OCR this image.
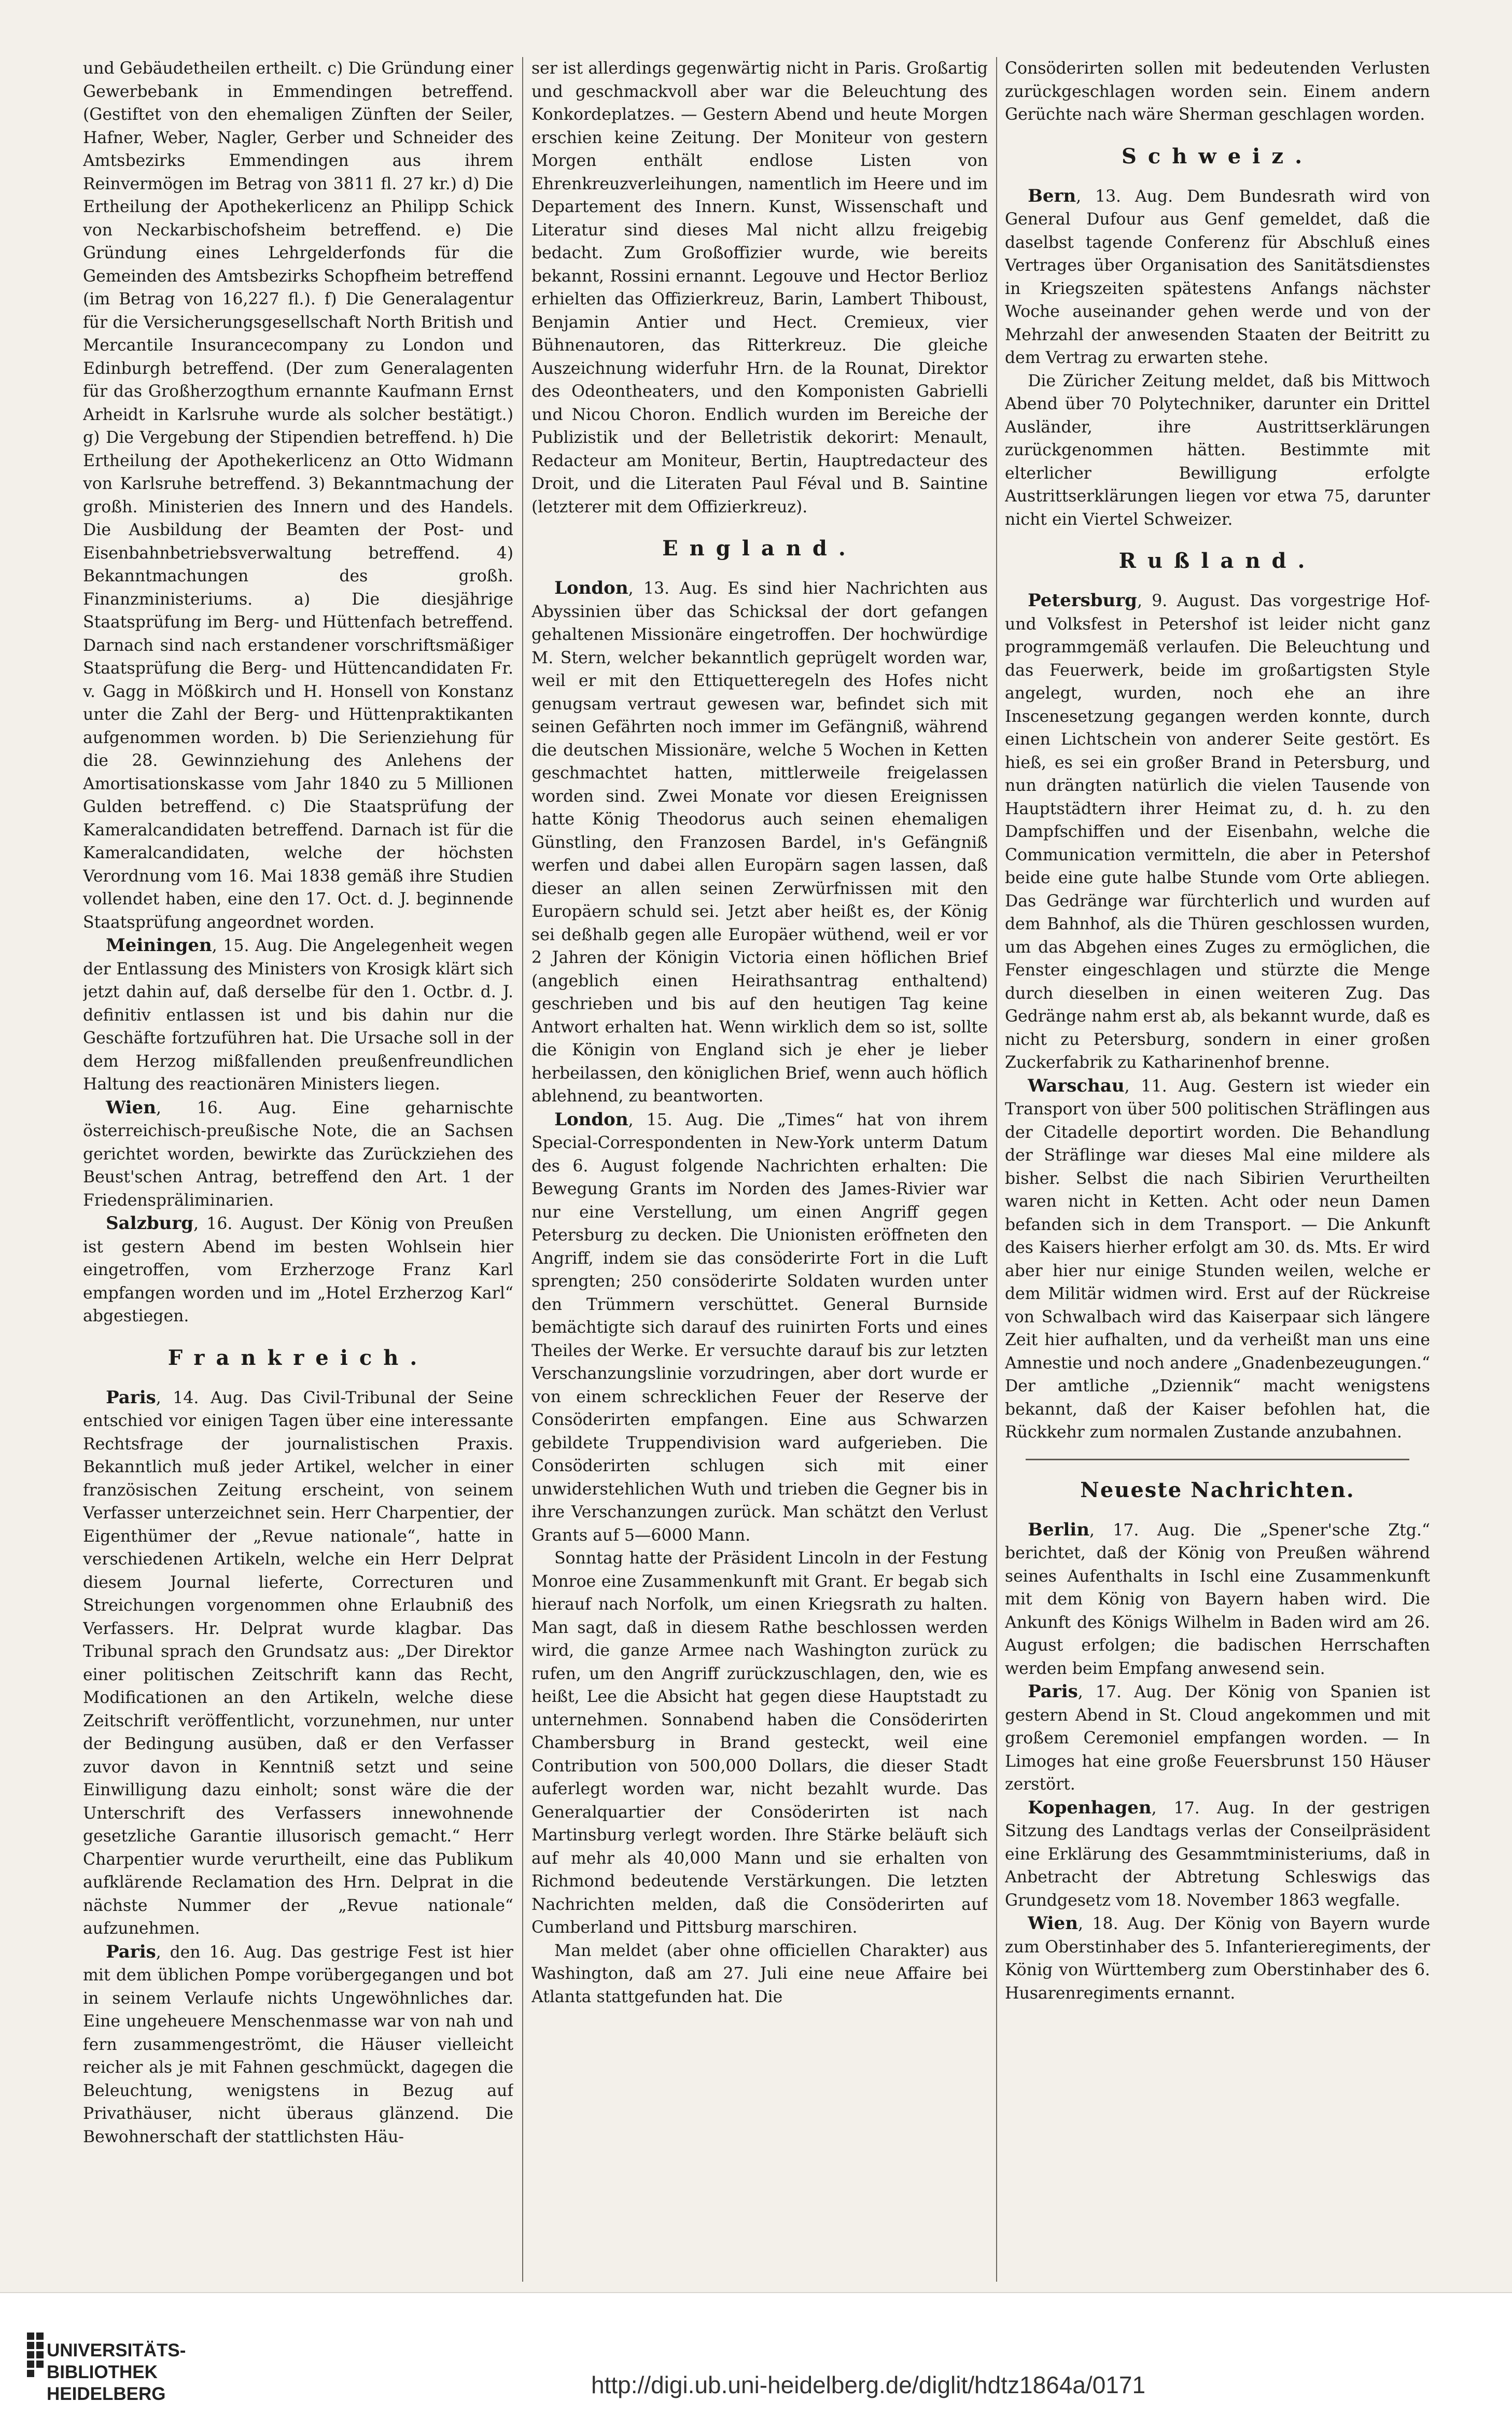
und Gebäudetheilen ertheilt. c) Die Gründung einer Gewerbebank in Emmendingen betreffend. (Gestiftet von den ehemaligen Zünften der Seiler, Hafner, Weber, Nagler, Gerber und Schneider des Amtsbezirks Emmendingen aus ihrem Reinvermögen im Betrag von 3811 fl. 27 kr.) d) Die Ertheilung der Apothekerlicenz an Philipp Schick von Neckarbischofsheim betreffend. e) Die Gründung eines Lehrgelderfonds für die Gemeinden des Amtsbezirks Schopfheim betreffend (im Betrag von 16,227 fl.). f) Die Generalagentur für die Versicherungsgesellschaft North British und Mercantile Insurancecompany zu London und Edinburgh betreffend. (Der zum Generalagenten für das Großherzogthum ernannte Kaufmann Ernst Arheidt in Karlsruhe wurde als solcher bestätigt.) g) Die Vergebung der Stipendien betreffend. h) Die Ertheilung der Apothekerlicenz an Otto Widmann von Karlsruhe betreffend. 3) Bekanntmachung der großh. Ministerien des Innern und des Handels. Die Ausbildung der Beamten der Post- und Eisenbahnbetriebsverwaltung betreffend. 4) Bekanntmachungen des großh. Finanzministeriums. a) Die diesjährige Staatsprüfung im Berg- und Hüttenfach betreffend. Darnach sind nach erstandener vorschriftsmäßiger Staatsprüfung die Berg- und Hüttencandidaten Fr. v. Gagg in Mößkirch und H. Honsell von Konstanz unter die Zahl der Berg- und Hüttenpraktikanten aufgenommen worden. b) Die Serienziehung für die 28. Gewinnziehung des Anlehens der Amortisationskasse vom Jahr 1840 zu 5 Millionen Gulden betreffend. c) Die Staatsprüfung der Kameralcandidaten betreffend. Darnach ist für die Kameralcandidaten, welche der höchsten Verordnung vom 16. Mai 1838 gemäß ihre Studien vollendet haben, eine den 17. Oct. d. J. beginnende Staatsprüfung angeordnet worden.

Meiningen, 15. Aug. Die Angelegenheit wegen der Entlassung des Ministers von Krosigk klärt sich jetzt dahin auf, daß derselbe für den 1. Octbr. d. J. definitiv entlassen ist und bis dahin nur die Geschäfte fortzuführen hat. Die Ursache soll in der dem Herzog mißfallenden preußenfreundlichen Haltung des reactionären Ministers liegen.

Wien, 16. Aug. Eine geharnischte österreichisch-preußische Note, die an Sachsen gerichtet worden, bewirkte das Zurückziehen des Beust'schen Antrag, betreffend den Art. 1 der Friedenspräliminarien.

Salzburg, 16. August. Der König von Preußen ist gestern Abend im besten Wohlsein hier eingetroffen, vom Erzherzoge Franz Karl empfangen worden und im „Hotel Erzherzog Karl“ abgestiegen.

Frankreich.

Paris, 14. Aug. Das Civil-Tribunal der Seine entschied vor einigen Tagen über eine interessante Rechtsfrage der journalistischen Praxis. Bekanntlich muß jeder Artikel, welcher in einer französischen Zeitung erscheint, von seinem Verfasser unterzeichnet sein. Herr Charpentier, der Eigenthümer der „Revue nationale“, hatte in verschiedenen Artikeln, welche ein Herr Delprat diesem Journal lieferte, Correcturen und Streichungen vorgenommen ohne Erlaubniß des Verfassers. Hr. Delprat wurde klagbar. Das Tribunal sprach den Grundsatz aus: „Der Direktor einer politischen Zeitschrift kann das Recht, Modificationen an den Artikeln, welche diese Zeitschrift veröffentlicht, vorzunehmen, nur unter der Bedingung ausüben, daß er den Verfasser zuvor davon in Kenntniß setzt und seine Einwilligung dazu einholt; sonst wäre die der Unterschrift des Verfassers innewohnende gesetzliche Garantie illusorisch gemacht.“ Herr Charpentier wurde verurtheilt, eine das Publikum aufklärende Reclamation des Hrn. Delprat in die nächste Nummer der „Revue nationale“ aufzunehmen.

Paris, den 16. Aug. Das gestrige Fest ist hier mit dem üblichen Pompe vorübergegangen und bot in seinem Verlaufe nichts Ungewöhnliches dar. Eine ungeheuere Menschenmasse war von nah und fern zusammengeströmt, die Häuser vielleicht reicher als je mit Fahnen geschmückt, dagegen die Beleuchtung, wenigstens in Bezug auf Privathäuser, nicht überaus glänzend. Die Bewohnerschaft der stattlichsten Häu-

ser ist allerdings gegenwärtig nicht in Paris. Großartig und geschmackvoll aber war die Beleuchtung des Konkordeplatzes. — Gestern Abend und heute Morgen erschien keine Zeitung. Der Moniteur von gestern Morgen enthält endlose Listen von Ehrenkreuzverleihungen, namentlich im Heere und im Departement des Innern. Kunst, Wissenschaft und Literatur sind dieses Mal nicht allzu freigebig bedacht. Zum Großoffizier wurde, wie bereits bekannt, Rossini ernannt. Legouve und Hector Berlioz erhielten das Offizierkreuz, Barin, Lambert Thiboust, Benjamin Antier und Hect. Cremieux, vier Bühnenautoren, das Ritterkreuz. Die gleiche Auszeichnung widerfuhr Hrn. de la Rounat, Direktor des Odeontheaters, und den Komponisten Gabrielli und Nicou Choron. Endlich wurden im Bereiche der Publizistik und der Belletristik dekorirt: Menault, Redacteur am Moniteur, Bertin, Hauptredacteur des Droit, und die Literaten Paul Féval und B. Saintine (letzterer mit dem Offizierkreuz).

England.

London, 13. Aug. Es sind hier Nachrichten aus Abyssinien über das Schicksal der dort gefangen gehaltenen Missionäre eingetroffen. Der hochwürdige M. Stern, welcher bekanntlich geprügelt worden war, weil er mit den Ettiquetteregeln des Hofes nicht genugsam vertraut gewesen war, befindet sich mit seinen Gefährten noch immer im Gefängniß, während die deutschen Missionäre, welche 5 Wochen in Ketten geschmachtet hatten, mittlerweile freigelassen worden sind. Zwei Monate vor diesen Ereignissen hatte König Theodorus auch seinen ehemaligen Günstling, den Franzosen Bardel, in's Gefängniß werfen und dabei allen Europärn sagen lassen, daß dieser an allen seinen Zerwürfnissen mit den Europäern schuld sei. Jetzt aber heißt es, der König sei deßhalb gegen alle Europäer wüthend, weil er vor 2 Jahren der Königin Victoria einen höflichen Brief (angeblich einen Heirathsantrag enthaltend) geschrieben und bis auf den heutigen Tag keine Antwort erhalten hat. Wenn wirklich dem so ist, sollte die Königin von England sich je eher je lieber herbeilassen, den königlichen Brief, wenn auch höflich ablehnend, zu beantworten.

London, 15. Aug. Die „Times“ hat von ihrem Special-Correspondenten in New-York unterm Datum des 6. August folgende Nachrichten erhalten: Die Bewegung Grants im Norden des James-Rivier war nur eine Verstellung, um einen Angriff gegen Petersburg zu decken. Die Unionisten eröffneten den Angriff, indem sie das consöderirte Fort in die Luft sprengten; 250 consöderirte Soldaten wurden unter den Trümmern verschüttet. General Burnside bemächtigte sich darauf des ruinirten Forts und eines Theiles der Werke. Er versuchte darauf bis zur letzten Verschanzungslinie vorzudringen, aber dort wurde er von einem schrecklichen Feuer der Reserve der Consöderirten empfangen. Eine aus Schwarzen gebildete Truppendivision ward aufgerieben. Die Consöderirten schlugen sich mit einer unwiderstehlichen Wuth und trieben die Gegner bis in ihre Verschanzungen zurück. Man schätzt den Verlust Grants auf 5—6000 Mann.

Sonntag hatte der Präsident Lincoln in der Festung Monroe eine Zusammenkunft mit Grant. Er begab sich hierauf nach Norfolk, um einen Kriegsrath zu halten. Man sagt, daß in diesem Rathe beschlossen werden wird, die ganze Armee nach Washington zurück zu rufen, um den Angriff zurückzuschlagen, den, wie es heißt, Lee die Absicht hat gegen diese Hauptstadt zu unternehmen. Sonnabend haben die Consöderirten Chambersburg in Brand gesteckt, weil eine Contribution von 500,000 Dollars, die dieser Stadt auferlegt worden war, nicht bezahlt wurde. Das Generalquartier der Consöderirten ist nach Martinsburg verlegt worden. Ihre Stärke beläuft sich auf mehr als 40,000 Mann und sie erhalten von Richmond bedeutende Verstärkungen. Die letzten Nachrichten melden, daß die Consöderirten auf Cumberland und Pittsburg marschiren.

Man meldet (aber ohne officiellen Charakter) aus Washington, daß am 27. Juli eine neue Affaire bei Atlanta stattgefunden hat. Die

Consöderirten sollen mit bedeutenden Verlusten zurückgeschlagen worden sein. Einem andern Gerüchte nach wäre Sherman geschlagen worden.

Schweiz.

Bern, 13. Aug. Dem Bundesrath wird von General Dufour aus Genf gemeldet, daß die daselbst tagende Conferenz für Abschluß eines Vertrages über Organisation des Sanitätsdienstes in Kriegszeiten spätestens Anfangs nächster Woche auseinander gehen werde und von der Mehrzahl der anwesenden Staaten der Beitritt zu dem Vertrag zu erwarten stehe.

Die Züricher Zeitung meldet, daß bis Mittwoch Abend über 70 Polytechniker, darunter ein Drittel Ausländer, ihre Austrittserklärungen zurückgenommen hätten. Bestimmte mit elterlicher Bewilligung erfolgte Austrittserklärungen liegen vor etwa 75, darunter nicht ein Viertel Schweizer.

Rußland.

Petersburg, 9. August. Das vorgestrige Hof- und Volksfest in Petershof ist leider nicht ganz programmgemäß verlaufen. Die Beleuchtung und das Feuerwerk, beide im großartigsten Style angelegt, wurden, noch ehe an ihre Inscenesetzung gegangen werden konnte, durch einen Lichtschein von anderer Seite gestört. Es hieß, es sei ein großer Brand in Petersburg, und nun drängten natürlich die vielen Tausende von Hauptstädtern ihrer Heimat zu, d. h. zu den Dampfschiffen und der Eisenbahn, welche die Communication vermitteln, die aber in Petershof beide eine gute halbe Stunde vom Orte abliegen. Das Gedränge war fürchterlich und wurden auf dem Bahnhof, als die Thüren geschlossen wurden, um das Abgehen eines Zuges zu ermöglichen, die Fenster eingeschlagen und stürzte die Menge durch dieselben in einen weiteren Zug. Das Gedränge nahm erst ab, als bekannt wurde, daß es nicht zu Petersburg, sondern in einer großen Zuckerfabrik zu Katharinenhof brenne.

Warschau, 11. Aug. Gestern ist wieder ein Transport von über 500 politischen Sträflingen aus der Citadelle deportirt worden. Die Behandlung der Sträflinge war dieses Mal eine mildere als bisher. Selbst die nach Sibirien Verurtheilten waren nicht in Ketten. Acht oder neun Damen befanden sich in dem Transport. — Die Ankunft des Kaisers hierher erfolgt am 30. ds. Mts. Er wird aber hier nur einige Stunden weilen, welche er dem Militär widmen wird. Erst auf der Rückreise von Schwalbach wird das Kaiserpaar sich längere Zeit hier aufhalten, und da verheißt man uns eine Amnestie und noch andere „Gnadenbezeugungen.“ Der amtliche „Dziennik“ macht wenigstens bekannt, daß der Kaiser befohlen hat, die Rückkehr zum normalen Zustande anzubahnen.

Neueste Nachrichten.

Berlin, 17. Aug. Die „Spener'sche Ztg.“ berichtet, daß der König von Preußen während seines Aufenthalts in Ischl eine Zusammenkunft mit dem König von Bayern haben wird. Die Ankunft des Königs Wilhelm in Baden wird am 26. August erfolgen; die badischen Herrschaften werden beim Empfang anwesend sein.

Paris, 17. Aug. Der König von Spanien ist gestern Abend in St. Cloud angekommen und mit großem Ceremoniel empfangen worden. — In Limoges hat eine große Feuersbrunst 150 Häuser zerstört.

Kopenhagen, 17. Aug. In der gestrigen Sitzung des Landtags verlas der Conseilpräsident eine Erklärung des Gesammtministeriums, daß in Anbetracht der Abtretung Schleswigs das Grundgesetz vom 18. November 1863 wegfalle.

Wien, 18. Aug. Der König von Bayern wurde zum Oberstinhaber des 5. Infanterieregiments, der König von Württemberg zum Oberstinhaber des 6. Husarenregiments ernannt.

UNIVERSITÄTS-
BIBLIOTHEK
HEIDELBERG	http://digi.ub.uni-heidelberg.de/diglit/hdtz1864a/0171
